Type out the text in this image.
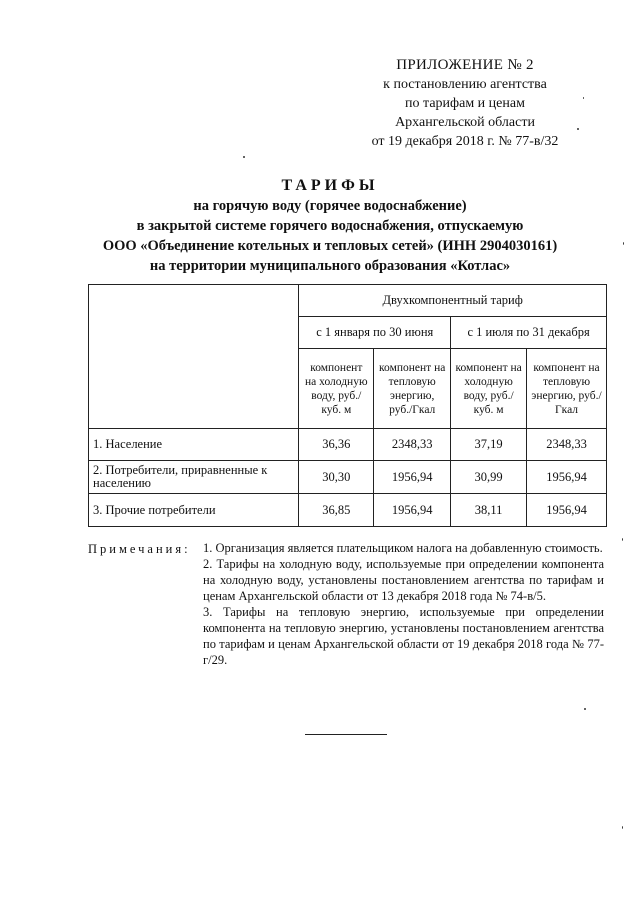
ПРИЛОЖЕНИЕ № 2
к постановлению агентства
по тарифам и ценам
Архангельской области
от 19 декабря 2018 г. № 77-в/32
ТАРИФЫ
на горячую воду (горячее водоснабжение)
в закрытой системе горячего водоснабжения, отпускаемую
ООО «Объединение котельных и тепловых сетей» (ИНН 2904030161)
на территории муниципального образования «Котлас»
	Двухкомпонентный тариф			
	с 1 января по 30 июня		с 1 июля по 31 декабря	
	компонент на холодную воду, руб./куб. м	компонент на тепловую энергию, руб./Гкал	компонент на холодную воду, руб./куб. м	компонент на тепловую энергию, руб./Гкал
1. Население	36,36	2348,33	37,19	2348,33
2. Потребители, приравненные к населению	30,30	1956,94	30,99	1956,94
3. Прочие потребители	36,85	1956,94	38,11	1956,94
Примечания: 1. Организация является плательщиком налога на добавленную стоимость.

2. Тарифы на холодную воду, используемые при определении компонента на холодную воду, установлены постановлением агентства по тарифам и ценам Архангельской области от 13 декабря 2018 года № 74-в/5.

3. Тарифы на тепловую энергию, используемые при определении компонента на тепловую энергию, установлены постановлением агентства по тарифам и ценам Архангельской области от 19 декабря 2018 года № 77-г/29.
